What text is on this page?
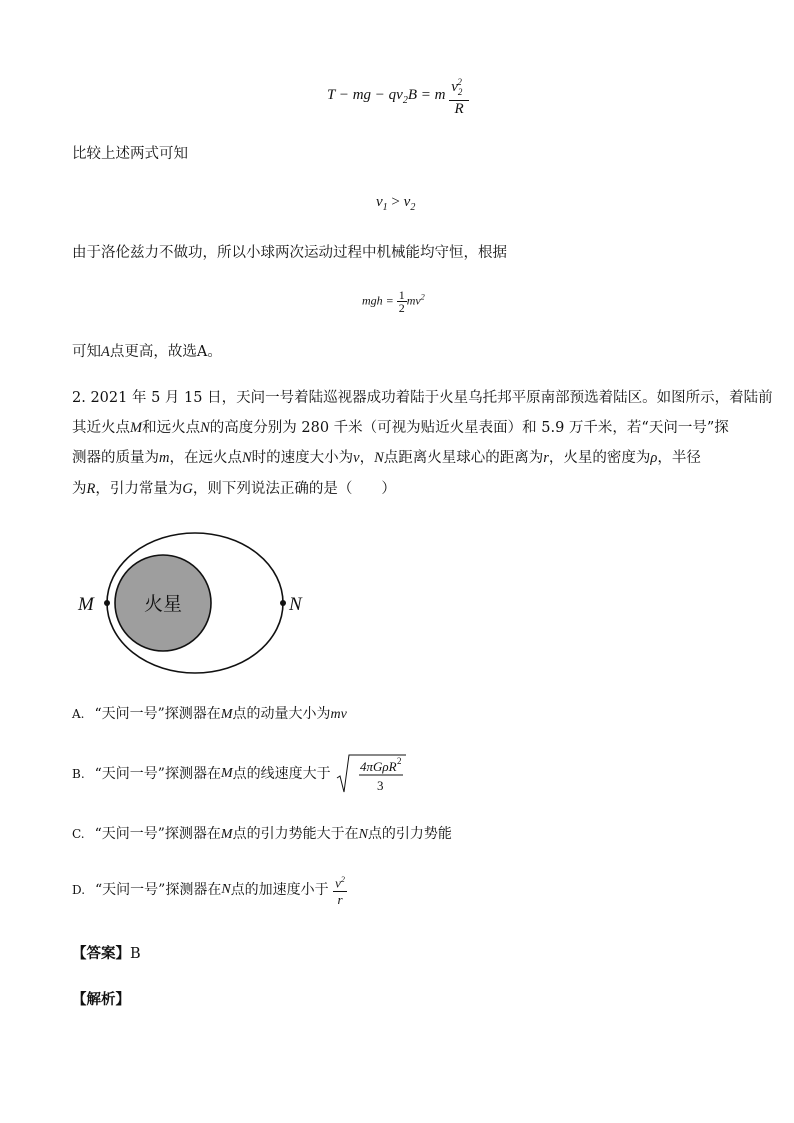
T − mg − $qv_2B = m \frac{v_2^2}{R}$
比较上述两式可知
$v_1 > v_2$
由于洛伦兹力不做功，所以小球两次运动过程中机械能均守恒，根据
mgh = $\frac{1}{2} mv^2$
可知A点更高，故选A。
2. 2021 年 5 月 15 日，天问一号着陆巡视器成功着陆于火星乌托邦平原南部预选着陆区。如图所示，着陆前
其近火点M和远火点N的高度分别为 280 千米（可视为贴近火星表面）和 5.9 万千米，若“天问一号”探
测器的质量为m，在远火点N时的速度大小为v，N点距离火星球心的距离为r，火星的密度为ρ，半径
为R，引力常量为G，则下列说法正确的是（　　）
火星
M	N
A. “天问一号”探测器在M点的动量大小为mv
B. “天问一号”探测器在M点的线速度大于 4πGρR 2
3
C. “天问一号”探测器在M点的引力势能大于在N点的引力势能
D. “天问一号”探测器在N点的加速度小于 $\frac{v^2}{r}$
【答案】B
【解析】
